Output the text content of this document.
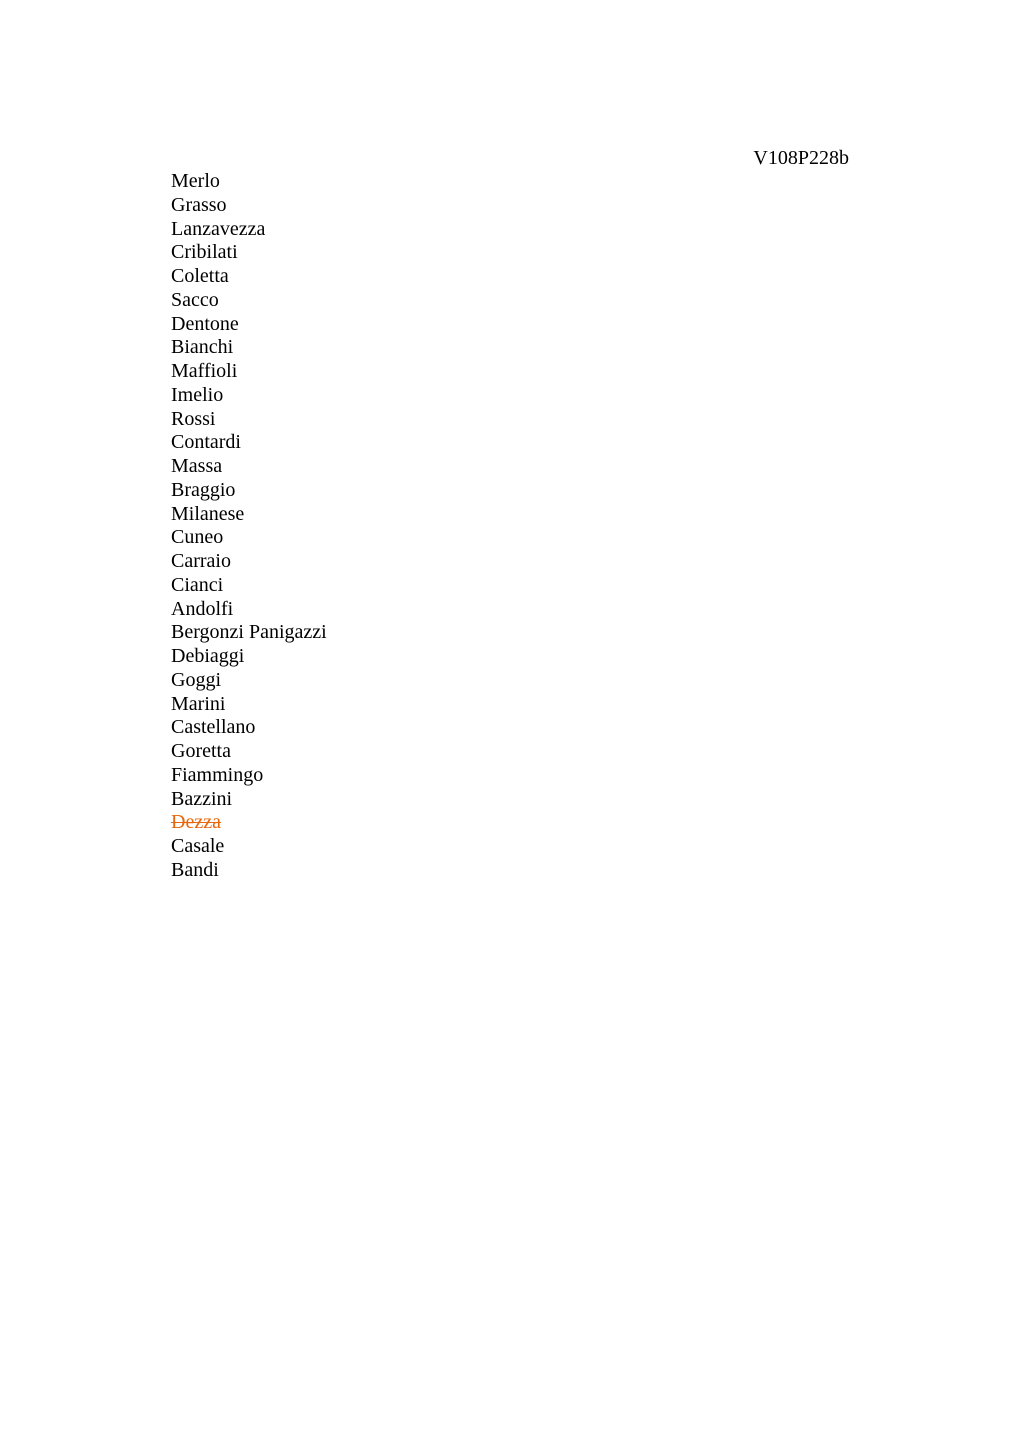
V108P228b
Merlo
Grasso
Lanzavezza
Cribilati
Coletta
Sacco
Dentone
Bianchi
Maffioli
Imelio
Rossi
Contardi
Massa
Braggio
Milanese
Cuneo
Carraio
Cianci
Andolfi
Bergonzi Panigazzi
Debiaggi
Goggi
Marini
Castellano
Goretta
Fiammingo
Bazzini
Dezza
Casale
Bandi
